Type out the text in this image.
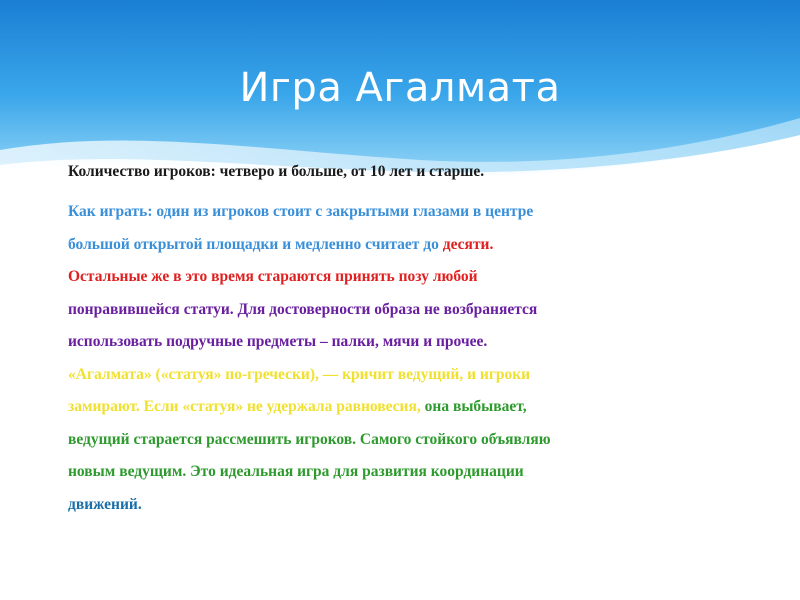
Игра Агалмата

Количество игроков: четверо и больше, от 10 лет и старше.

Как играть: один из игроков стоит с закрытыми глазами в центре
большой открытой площадки и медленно считает до десяти.
Остальные же в это время стараются принять позу любой
понравившейся статуи. Для достоверности образа не возбраняется
использовать подручные предметы – палки, мячи и прочее.
«Агалмата» («статуя» по-гречески), — кричит ведущий, и игроки
замирают. Если «статуя» не удержала равновесия, она выбывает,
ведущий старается рассмешить игроков. Самого стойкого объявляю
новым ведущим. Это идеальная игра для развития координации
движений.
